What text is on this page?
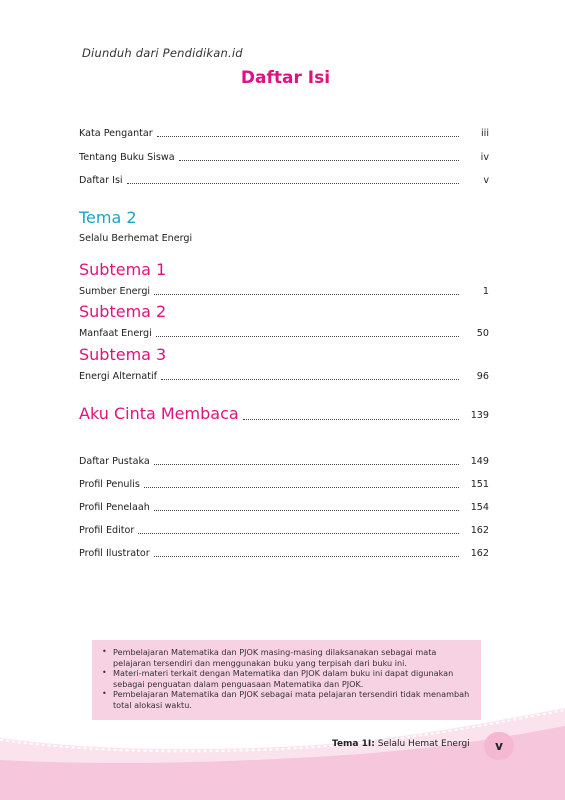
Diunduh dari Pendidikan.id
Daftar Isi
Kata Pengantar	iii
Tentang Buku Siswa	iv
Daftar Isi	v
Tema 2
Selalu Berhemat Energi
Subtema 1
Sumber Energi	1
Subtema 2
Manfaat Energi	50
Subtema 3
Energi Alternatif	96
Aku Cinta Membaca	139
Daftar Pustaka	149
Profil Penulis	151
Profil Penelaah	154
Profil Editor	162
Profil Ilustrator	162
• Pembelajaran Matematika dan PJOK masing-masing dilaksanakan sebagai mata pelajaran tersendiri dan menggunakan buku yang terpisah dari buku ini.
• Materi-materi terkait dengan Matematika dan PJOK dalam buku ini dapat digunakan sebagai penguatan dalam penguasaan Matematika dan PJOK.
• Pembelajaran Matematika dan PJOK sebagai mata pelajaran tersendiri tidak menambah total alokasi waktu.
Tema 1I: Selalu Hemat Energi	v
